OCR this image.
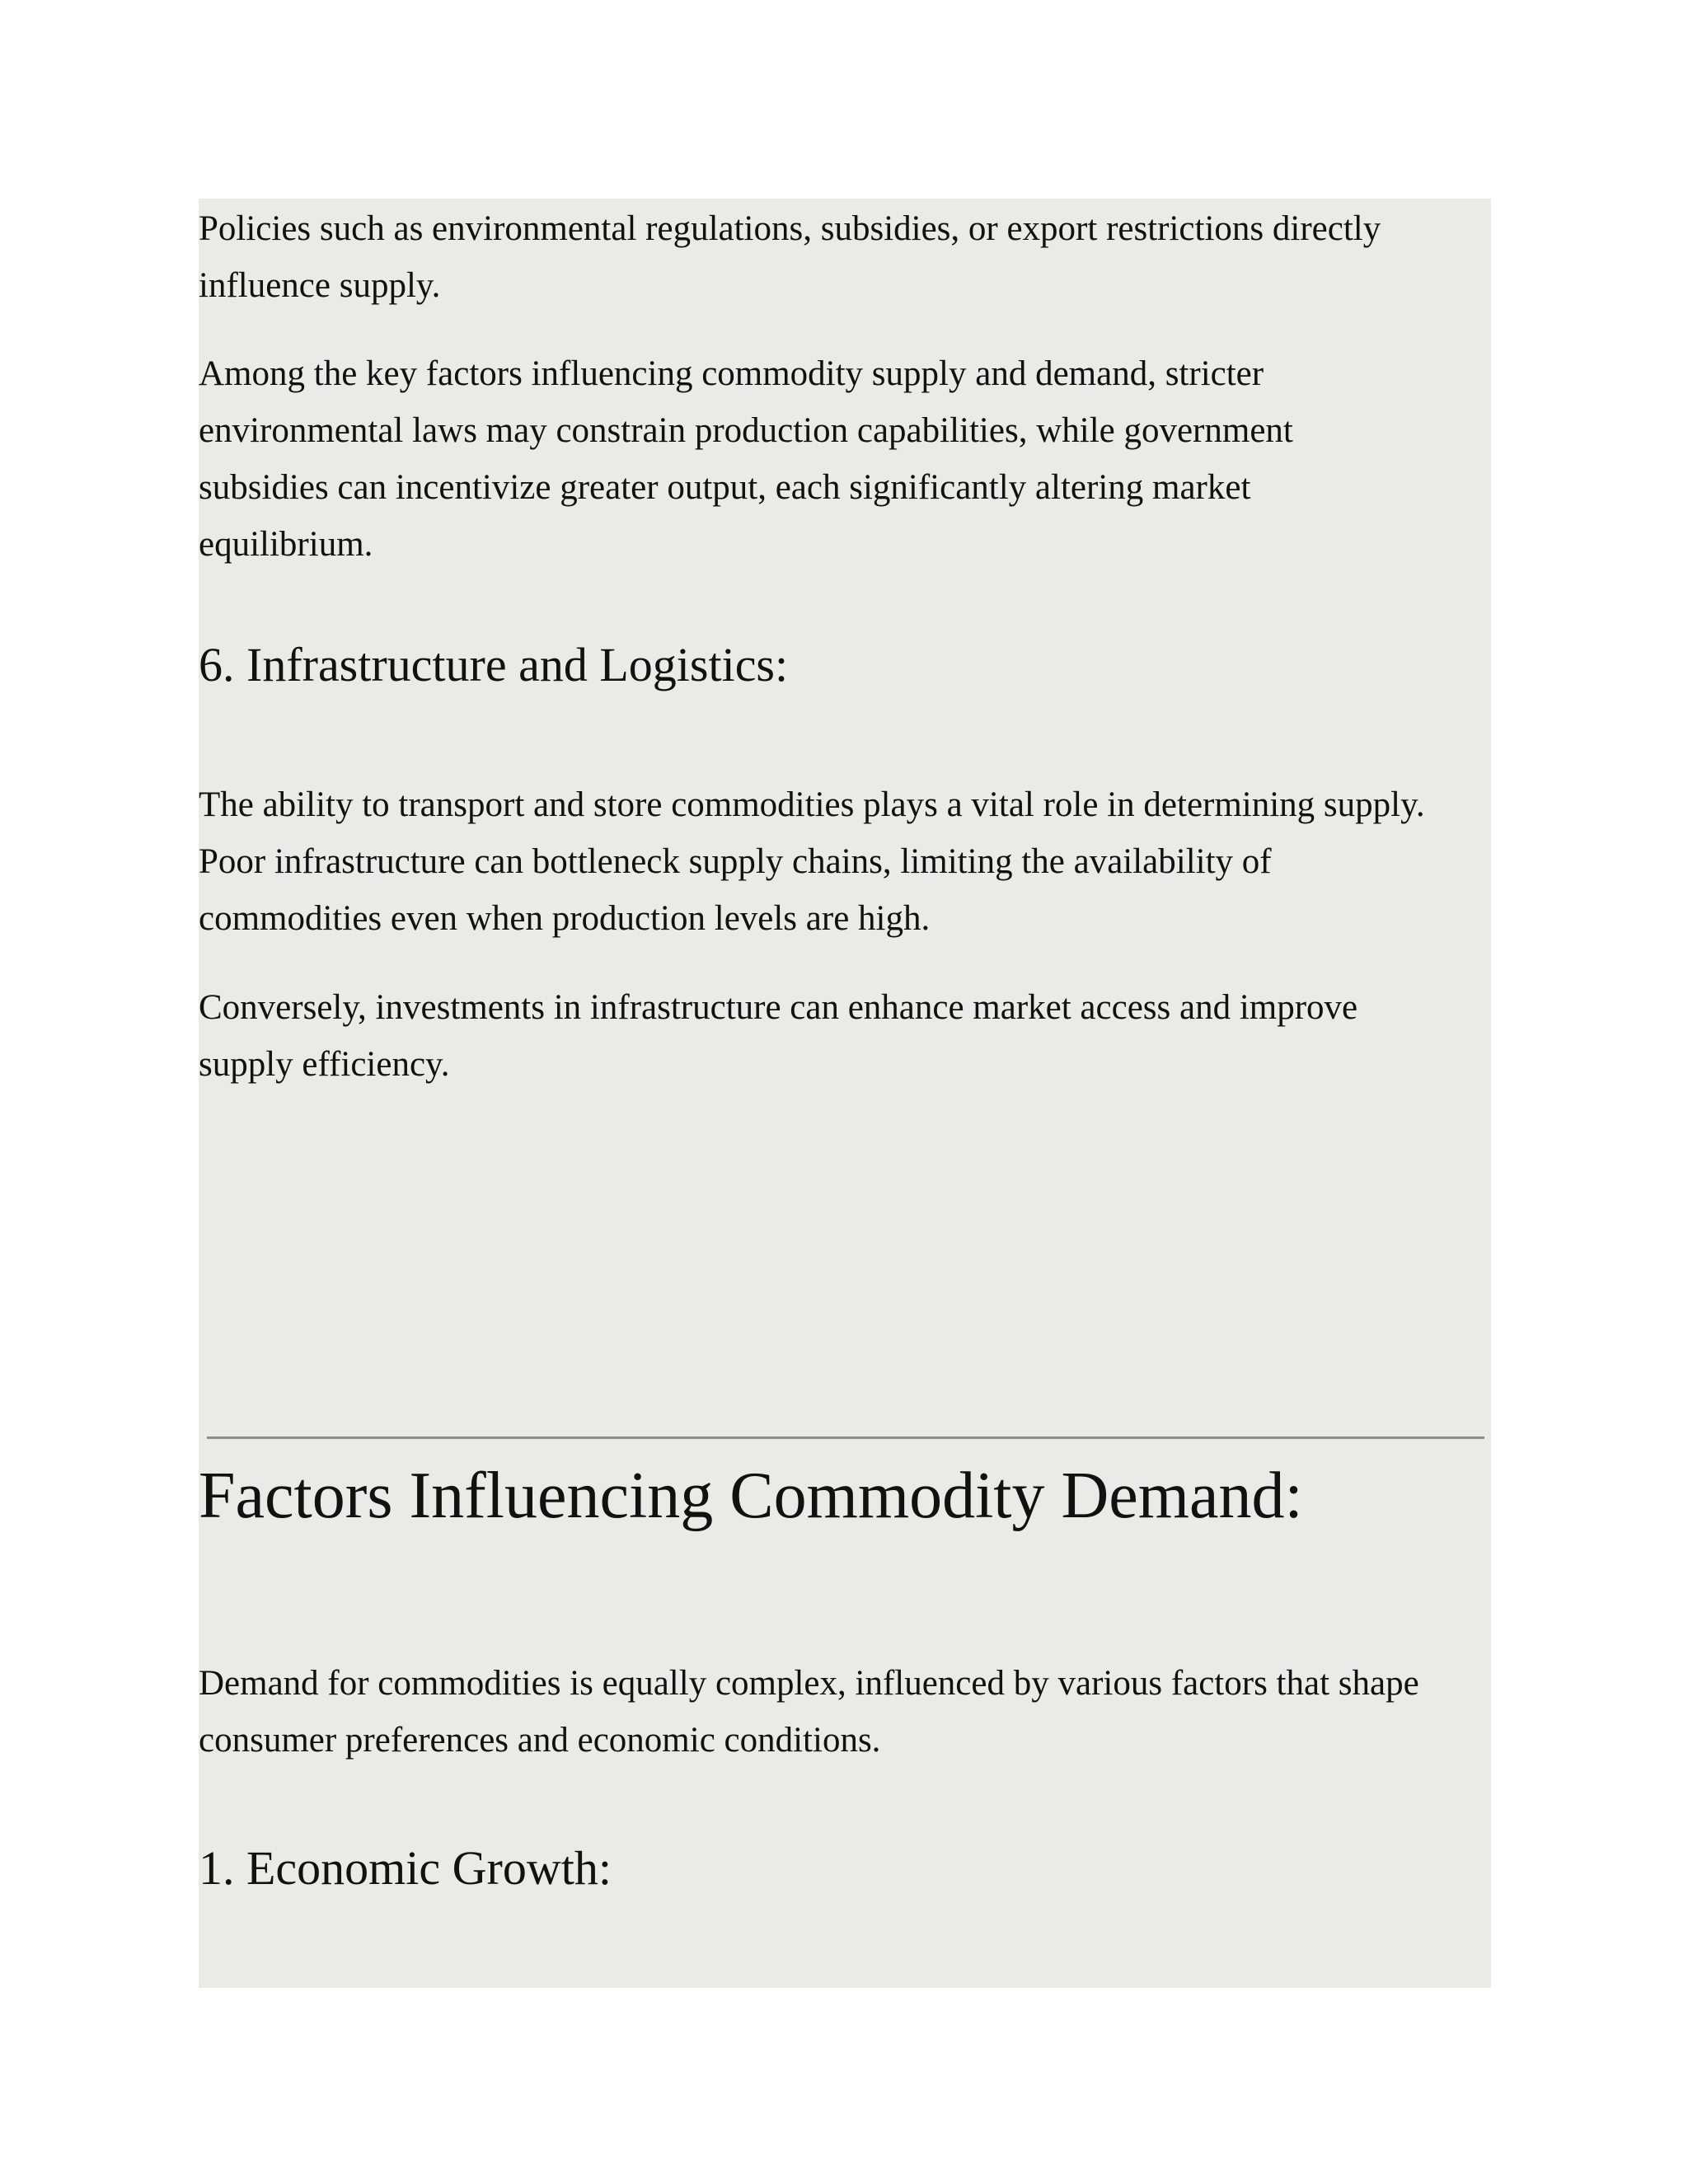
Policies such as environmental regulations, subsidies, or export restrictions directly
influence supply.

Among the key factors influencing commodity supply and demand, stricter
environmental laws may constrain production capabilities, while government
subsidies can incentivize greater output, each significantly altering market
equilibrium.

6. Infrastructure and Logistics:

The ability to transport and store commodities plays a vital role in determining supply.
Poor infrastructure can bottleneck supply chains, limiting the availability of
commodities even when production levels are high.

Conversely, investments in infrastructure can enhance market access and improve
supply efficiency.

Factors Influencing Commodity Demand:

Demand for commodities is equally complex, influenced by various factors that shape
consumer preferences and economic conditions.

1. Economic Growth:
